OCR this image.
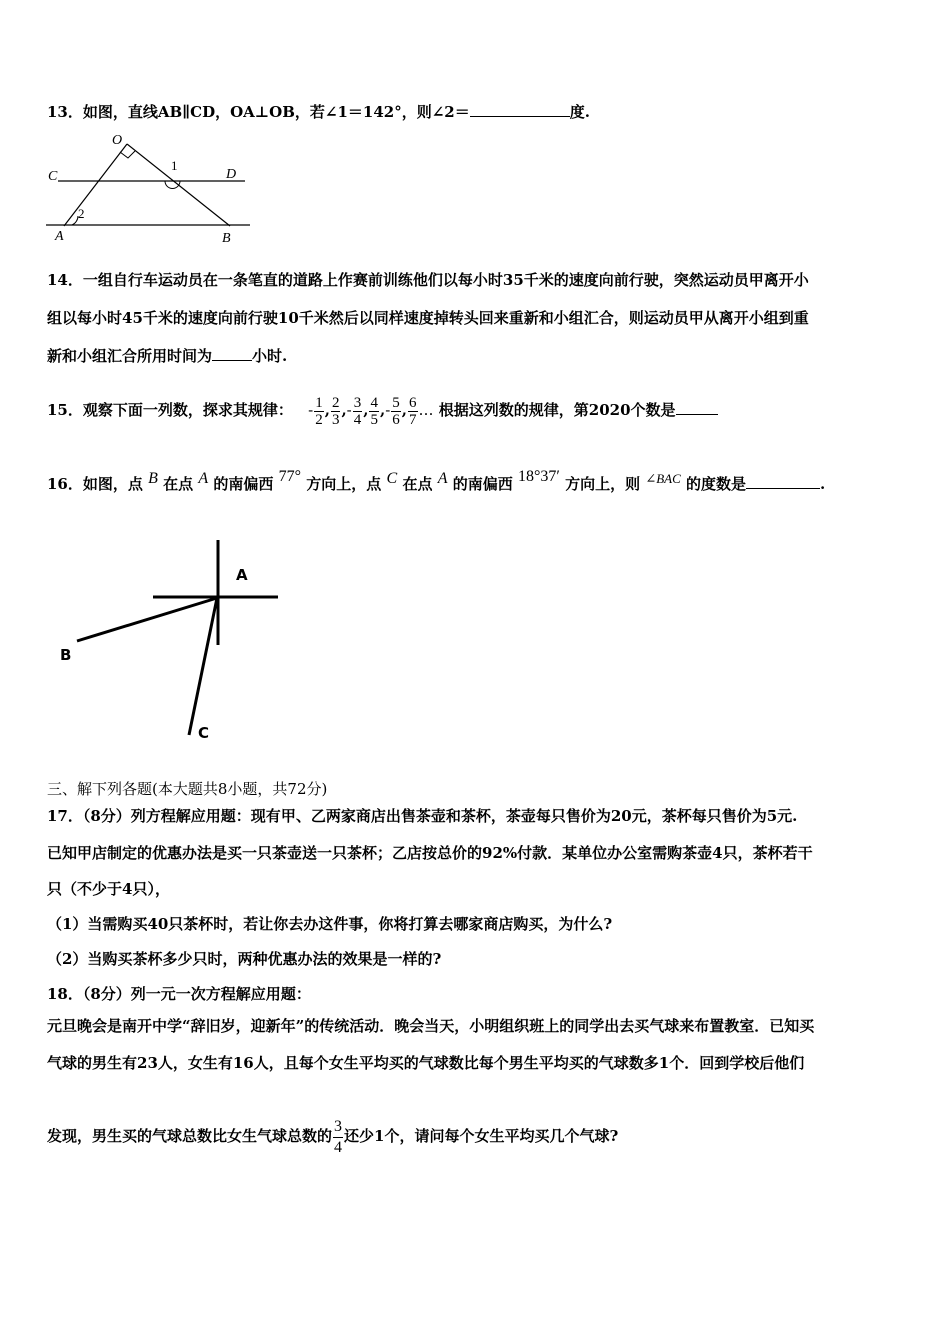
13．如图，直线AB∥CD，OA⊥OB，若∠1＝142°，则∠2＝	度.
O
C	D
1
2
A	B
14．一组自行车运动员在一条笔直的道路上作赛前训练他们以每小时35千米的速度向前行驶，突然运动员甲离开小
组以每小时45千米的速度向前行驶10千米然后以同样速度掉转头回来重新和小组汇合，则运动员甲从离开小组到重
新和小组汇合所用时间为	小时.
15．观察下面一列数，探求其规律： - $\frac{1}{2}$ , $\frac{2}{3}$ ,- $\frac{3}{4}$ , $\frac{4}{5}$ ,- $\frac{5}{6}$ , $\frac{6}{7}$ … 根据这列数的规律，第2020个数是
16．如图，点 B 在点 A 的南偏西 77° 方向上，点 C 在点 A 的南偏西 18°37′ 方向上，则 ∠BAC 的度数是	.
A
B
C
三、解下列各题(本大题共8小题，共72分)
17．（8分）列方程解应用题：现有甲、乙两家商店出售茶壶和茶杯，茶壶每只售价为20元，茶杯每只售价为5元.
已知甲店制定的优惠办法是买一只茶壶送一只茶杯；乙店按总价的92%付款．某单位办公室需购茶壶4只，茶杯若干
只（不少于4只），
（1）当需购买40只茶杯时，若让你去办这件事，你将打算去哪家商店购买，为什么?
（2）当购买茶杯多少只时，两种优惠办法的效果是一样的?
18．（8分）列一元一次方程解应用题：
元旦晚会是南开中学“辞旧岁，迎新年”的传统活动．晚会当天，小明组织班上的同学出去买气球来布置教室．已知买
气球的男生有23人，女生有16人，且每个女生平均买的气球数比每个男生平均买的气球数多1个．回到学校后他们
发现，男生买的气球总数比女生气球总数的 $\frac{3}{4}$ 还少1个，请问每个女生平均买几个气球?
